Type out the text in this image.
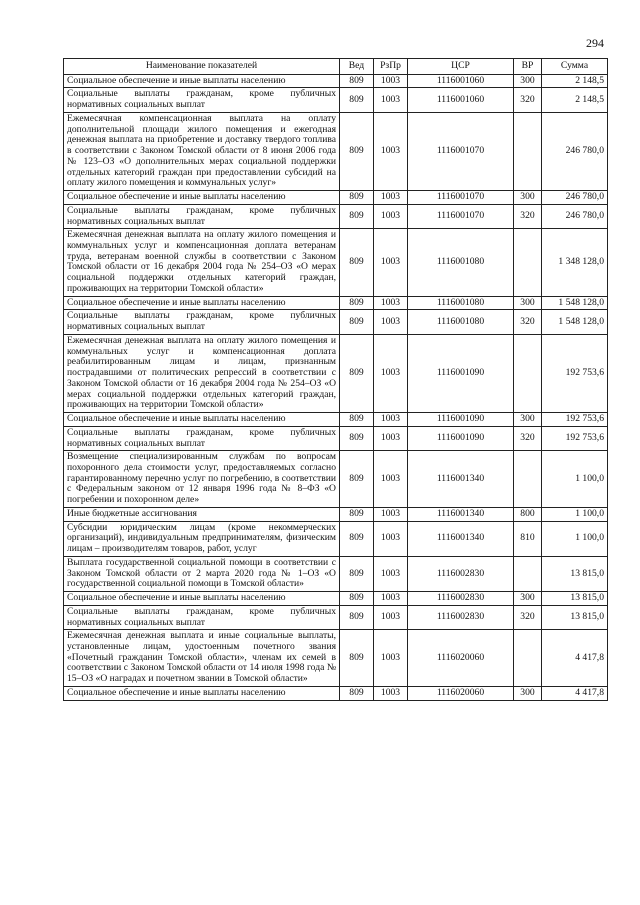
294
Наименование показателей	Вед	РзПр	ЦСР	ВР	Сумма
Социальное обеспечение и иные выплаты населению	809	1003	1116001060	300	2 148,5
Социальные выплаты гражданам, кроме публичных нормативных социальных выплат	809	1003	1116001060	320	2 148,5
Ежемесячная компенсационная выплата на оплату дополнительной площади жилого помещения и ежегодная денежная выплата на приобретение и доставку твердого топлива в соответствии с Законом Томской области от 8 июня 2006 года № 123–ОЗ «О дополнительных мерах социальной поддержки отдельных категорий граждан при предоставлении субсидий на оплату жилого помещения и коммунальных услуг»	809	1003	1116001070		246 780,0
Социальное обеспечение и иные выплаты населению	809	1003	1116001070	300	246 780,0
Социальные выплаты гражданам, кроме публичных нормативных социальных выплат	809	1003	1116001070	320	246 780,0
Ежемесячная денежная выплата на оплату жилого помещения и коммунальных услуг и компенсационная доплата ветеранам труда, ветеранам военной службы в соответствии с Законом Томской области от 16 декабря 2004 года № 254–ОЗ «О мерах социальной поддержки отдельных категорий граждан, проживающих на территории Томской области»	809	1003	1116001080		1 348 128,0
Социальное обеспечение и иные выплаты населению	809	1003	1116001080	300	1 548 128,0
Социальные выплаты гражданам, кроме публичных нормативных социальных выплат	809	1003	1116001080	320	1 548 128,0
Ежемесячная денежная выплата на оплату жилого помещения и коммунальных услуг и компенсационная доплата реабилитированным лицам и лицам, признанным пострадавшими от политических репрессий в соответствии с Законом Томской области от 16 декабря 2004 года № 254–ОЗ «О мерах социальной поддержки отдельных категорий граждан, проживающих на территории Томской области»	809	1003	1116001090		192 753,6
Социальное обеспечение и иные выплаты населению	809	1003	1116001090	300	192 753,6
Социальные выплаты гражданам, кроме публичных нормативных социальных выплат	809	1003	1116001090	320	192 753,6
Возмещение специализированным службам по вопросам похоронного дела стоимости услуг, предоставляемых согласно гарантированному перечню услуг по погребению, в соответствии с Федеральным законом от 12 января 1996 года № 8–ФЗ «О погребении и похоронном деле»	809	1003	1116001340		1 100,0
Иные бюджетные ассигнования	809	1003	1116001340	800	1 100,0
Субсидии юридическим лицам (кроме некоммерческих организаций), индивидуальным предпринимателям, физическим лицам – производителям товаров, работ, услуг	809	1003	1116001340	810	1 100,0
Выплата государственной социальной помощи в соответствии с Законом Томской области от 2 марта 2020 года № 1–ОЗ «О государственной социальной помощи в Томской области»	809	1003	1116002830		13 815,0
Социальное обеспечение и иные выплаты населению	809	1003	1116002830	300	13 815,0
Социальные выплаты гражданам, кроме публичных нормативных социальных выплат	809	1003	1116002830	320	13 815,0
Ежемесячная денежная выплата и иные социальные выплаты, установленные лицам, удостоенным почетного звания «Почетный гражданин Томской области», членам их семей в соответствии с Законом Томской области от 14 июля 1998 года № 15–ОЗ «О наградах и почетном звании в Томской области»	809	1003	1116020060		4 417,8
Социальное обеспечение и иные выплаты населению	809	1003	1116020060	300	4 417,8
